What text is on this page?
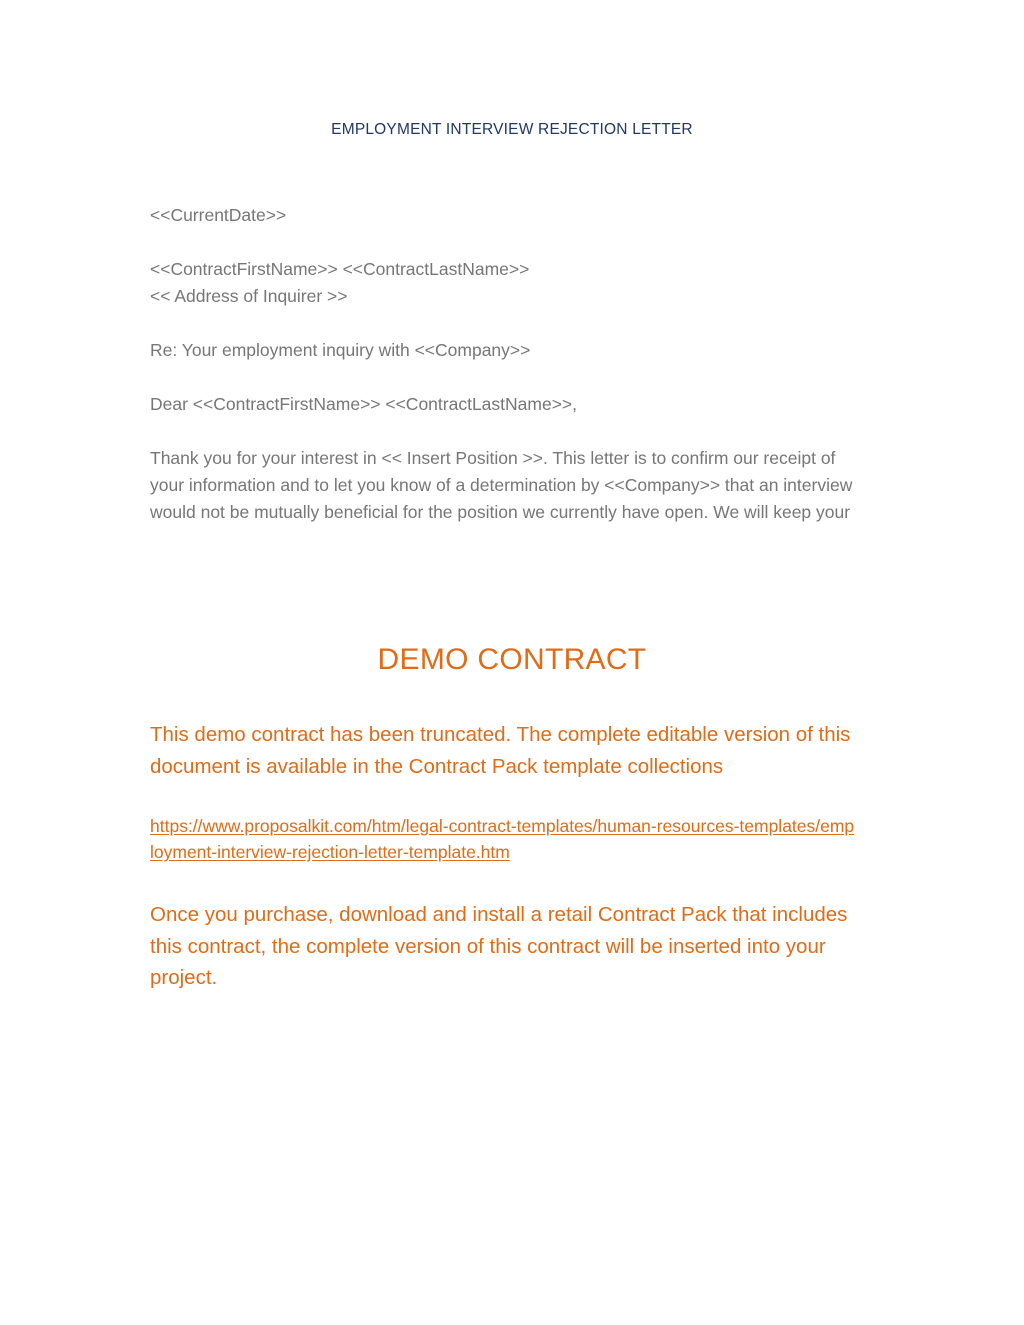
EMPLOYMENT INTERVIEW REJECTION LETTER
<<CurrentDate>>
<<ContractFirstName>> <<ContractLastName>>
<< Address of Inquirer >>
Re: Your employment inquiry with <<Company>>
Dear <<ContractFirstName>> <<ContractLastName>>,
Thank you for your interest in << Insert Position >>. This letter is to confirm our receipt of your information and to let you know of a determination by <<Company>> that an interview would not be mutually beneficial for the position we currently have open. We will keep your
DEMO CONTRACT
This demo contract has been truncated. The complete editable version of this document is available in the Contract Pack template collections
https://www.proposalkit.com/htm/legal-contract-templates/human-resources-templates/employment-interview-rejection-letter-template.htm
Once you purchase, download and install a retail Contract Pack that includes this contract, the complete version of this contract will be inserted into your project.
